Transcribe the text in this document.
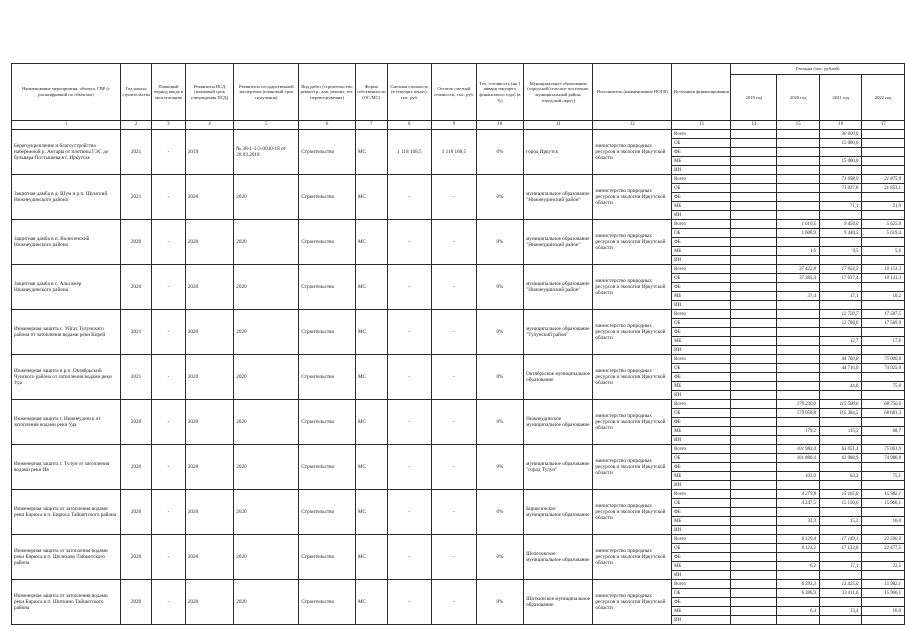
Наименование мероприятия, объекта, ГВР (с расшифровкой по объектам)	Год начала строительства	Плановый период ввода в эксплуатацию	Реквизиты ПСД (плановый срок утверждения ПСД)	Реквизиты государственной экспертизы (плановый срок получения)	Вид работ (строительство, реконстр., кап. ремонт, тех. перевооружение)	Форма собственности (ОС/МС)	Сметная стоимость (в текущих ценах), тыс. руб.	Остаток сметной стоимости, тыс. руб.	Тех. готовность (на 1 января текущего финансового года) (в %)	Муниципальное образование (городской/сельское поселение, муниципальный район, городской округ)	Исполнитель (наименование НОГВ)	Источники финансирования	Расходы (тыс. рублей)			
													2019 год	2020 год	2021 год	2022 год
1	2	3	4	5	6	7	8	9	10	11	12	13	14	15	16	17
Берегоукрепление и благоустройство набережной р. Ангары от плотины ГЭС до бульвара Постышева в г. Иркутске	2021	-	2019	№ 38-1-1-3-0030-18 от 28.03.2018	Строительство	МС	1 118 168,5	1 118 168,5	0%	город Иркутск	министерство природных ресурсов и экологии Иркутской области	Всего			30 000,0	
												ОБ			15 000,0	
												ФБ				
												МБ			15 000,0	
												ИИ				
Защитная дамба в д. Шум и р.п. Шумский Нижнеудинского района	2021	-	2020	2020	Строительство	МС	-	-	0%	муниципальное образование "Нижнеудинский район"	министерство природных ресурсов и экологии Иркутской области	Всего			71 098,9	21 875,0
												ОБ			71 027,8	21 853,1
												ФБ				
												МБ			71,1	21,9
												ИИ				
Защитная дамба в п. Волисенский Нижнеудинского района	2020	-	2020	2020	Строительство	МС	-	-	0%	муниципальное образование "Нижнеудинский район"	министерство природных ресурсов и экологии Иркутской области	Всего		1 610,5	9 450,0	5 625,0
												ОБ		1 608,9	9 440,5	5 619,4
												ФБ				
												МБ		1,6	9,5	5,6
												ИИ				
Защитная дамба в с. Альгажер Нижнеудинского района	2020	-	2020	2020	Строительство	МС	-	-	0%	муниципальное образование "Нижнеудинский район"	министерство природных ресурсов и экологии Иркутской области	Всего		37 422,8	17 054,5	10 151,3
												ОБ		37 385,4	17 037,4	10 141,3
												ФБ				
												МБ		37,4	17,1	10,2
												ИИ				
Инженерная защита с. Уйгат Тулунского района от затопления водами реки Кирей	2021	-	2020	2020	Строительство	МС	-	-	0%	муниципальное образование "Тулунский район"	министерство природных ресурсов и экологии Иркутской области	Всего			12 720,7	17 587,5
												ОБ			12 708,0	17 569,9
												ФБ				
												МБ			12,7	17,6
												ИИ				
Инженерная защита в р.п. Октябрьский Чунского района от затопления водами реки Уда	2021	-	2020	2020	Строительство	МС	-	-	0%	Октябрьское муниципальное образование	министерство природных ресурсов и экологии Иркутской области	Всего			44 760,8	75 000,0
												ОБ			44 716,0	74 925,0
												ФБ				
												МБ			44,8	75,0
												ИИ				
Инженерная защита г. Нижнеудинск от затопления водами реки Уда	2020	-	2020	2020	Строительство	МС	-	-	0%	Нижнеудинское муниципальное образование	министерство природных ресурсов и экологии Иркутской области	Всего		179 230,0	115 500,0	68 750,0
												ОБ		179 050,8	115 384,5	68 681,3
												ФБ				
												МБ		179,2	115,5	68,7
												ИИ				
Инженерная защита г. Тулун от затопления водами реки Ия	2020	-	2020	2020	Строительство	МС	-	-	0%	муниципальное образование "город Тулун"	министерство природных ресурсов и экологии Иркутской области	Всего		101 982,4	63 051,1	75 061,9
												ОБ		101 880,4	62 988,9	74 986,8
												ФБ				
												МБ		102,0	63,2	75,1
												ИИ				
Инженерная защита от затопления водами реки Бирюса в п. Бирюса Тайшетского района	2020	-	2020	2020	Строительство	МС	-	-	0%	Бирюсинское муниципальное образование	министерство природных ресурсов и экологии Иркутской области	Всего		4 279,8	15 165,8	15 982,1
												ОБ		4 247,5	15 150,6	15 966,1
												ФБ				
												МБ		32,3	15,2	16,0
												ИИ				
Инженерная защита от затопления водами реки Бирюса в п. Шелехово Тайшетского района	2020	-	2020	2020	Строительство	МС	-	-	0%	Шелеховское муниципальное образование	министерство природных ресурсов и экологии Иркутской области	Всего		6 129,4	17 149,1	22 500,0
												ОБ		6 123,2	17 132,0	22 477,5
												ФБ				
												МБ		6,2	17,1	22,5
												ИИ				
Инженерная защита от затопления водами реки Бирюса в п. Шиткино Тайшетского района	2020	-	2020	2020	Строительство	МС	-	-	0%	Шиткинское муниципальное образование	министерство природных ресурсов и экологии Иркутской области	Всего		6 393,3	13 425,0	15 982,1
												ОБ		6 386,9	13 411,6	15 966,1
												ФБ				
												МБ		6,4	13,4	16,0
												ИИ				
